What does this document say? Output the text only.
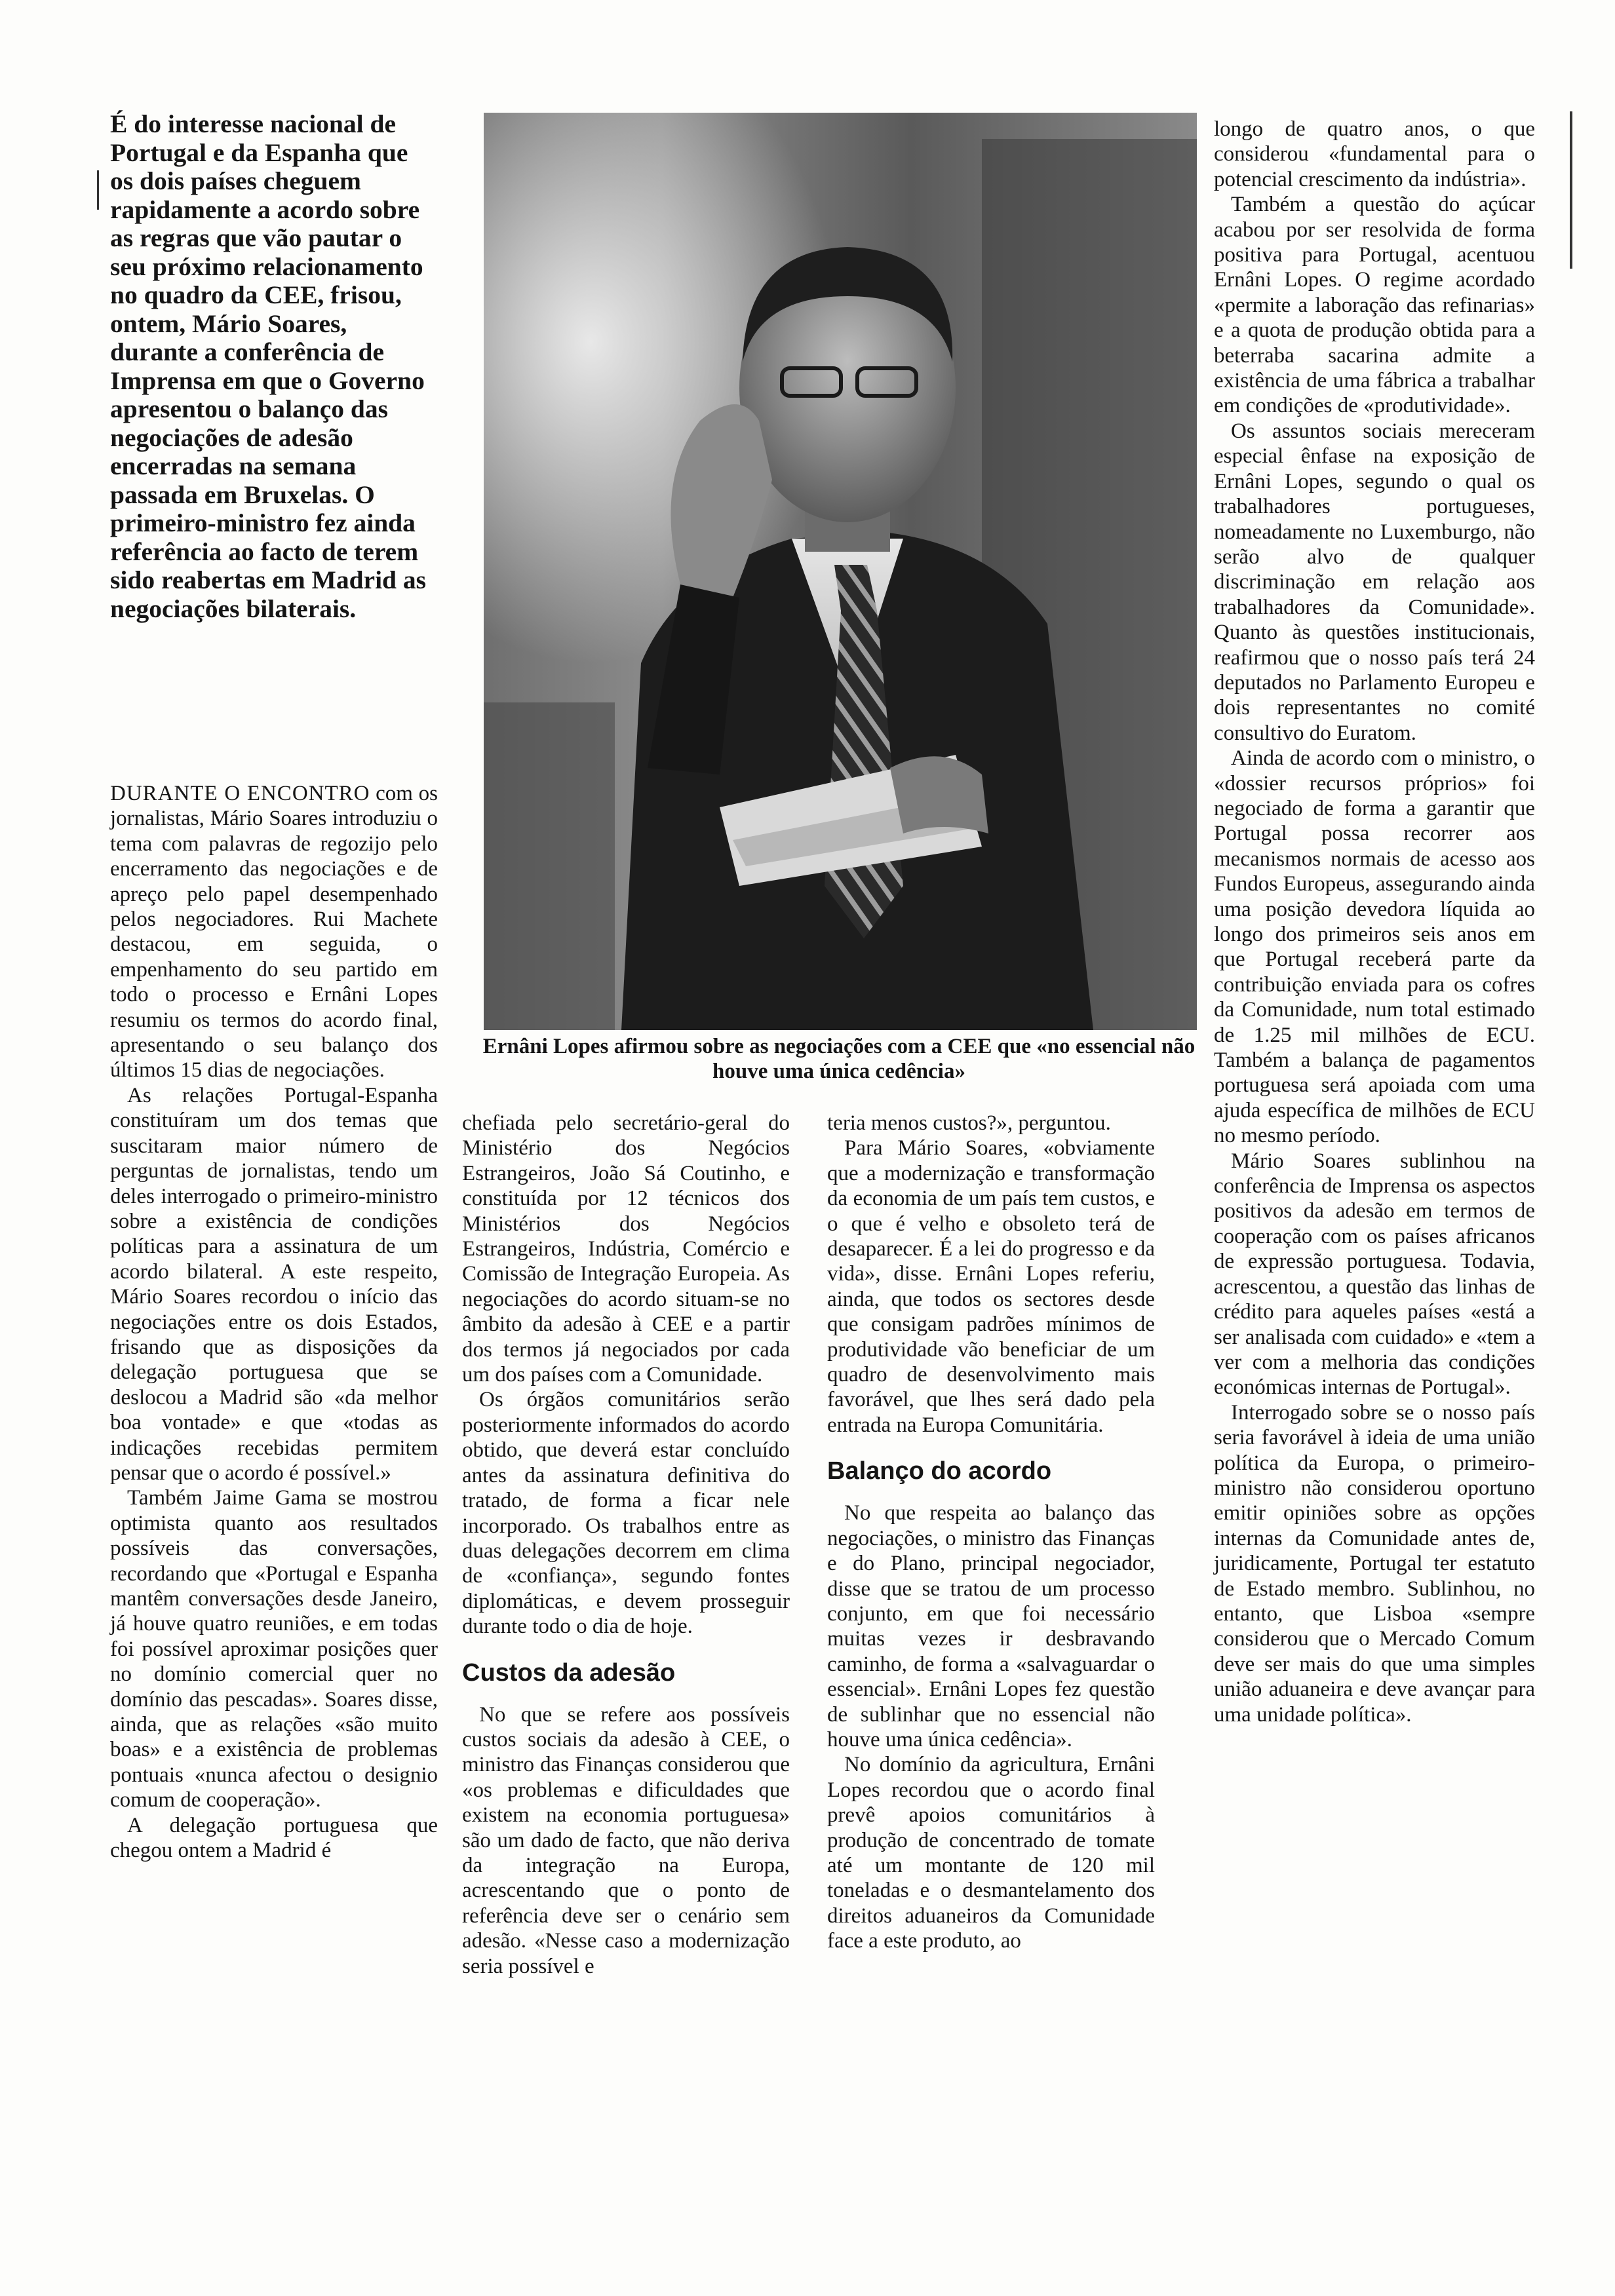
É do interesse nacional de Portugal e da Espanha que os dois países cheguem rapidamente a acordo sobre as regras que vão pautar o seu próximo relacionamento no quadro da CEE, frisou, ontem, Mário Soares, durante a conferência de Imprensa em que o Governo apresentou o balanço das negociações de adesão encerradas na semana passada em Bruxelas. O primeiro-ministro fez ainda referência ao facto de terem sido reabertas em Madrid as negociações bilaterais.

Ernâni Lopes afirmou sobre as negociações com a CEE que «no essencial não houve uma única cedência»

DURANTE O ENCONTRO com os jornalistas, Mário Soares introduziu o tema com palavras de regozijo pelo encerramento das negociações e de apreço pelo papel desempenhado pelos negociadores. Rui Machete destacou, em seguida, o empenhamento do seu partido em todo o processo e Ernâni Lopes resumiu os termos do acordo final, apresentando o seu balanço dos últimos 15 dias de negociações.

As relações Portugal-Espanha constituíram um dos temas que suscitaram maior número de perguntas de jornalistas, tendo um deles interrogado o primeiro-ministro sobre a existência de condições políticas para a assinatura de um acordo bilateral. A este respeito, Mário Soares recordou o início das negociações entre os dois Estados, frisando que as disposições da delegação portuguesa que se deslocou a Madrid são «da melhor boa vontade» e que «todas as indicações recebidas permitem pensar que o acordo é possível.»

Também Jaime Gama se mostrou optimista quanto aos resultados possíveis das conversações, recordando que «Portugal e Espanha mantêm conversações desde Janeiro, já houve quatro reuniões, e em todas foi possível aproximar posições quer no domínio comercial quer no domínio das pescadas». Soares disse, ainda, que as relações «são muito boas» e a existência de problemas pontuais «nunca afectou o designio comum de cooperação».

A delegação portuguesa que chegou ontem a Madrid é

chefiada pelo secretário-geral do Ministério dos Negócios Estrangeiros, João Sá Coutinho, e constituída por 12 técnicos dos Ministérios dos Negócios Estrangeiros, Indústria, Comércio e Comissão de Integração Europeia. As negociações do acordo situam-se no âmbito da adesão à CEE e a partir dos termos já negociados por cada um dos países com a Comunidade.

Os órgãos comunitários serão posteriormente informados do acordo obtido, que deverá estar concluído antes da assinatura definitiva do tratado, de forma a ficar nele incorporado. Os trabalhos entre as duas delegações decorrem em clima de «confiança», segundo fontes diplomáticas, e devem prosseguir durante todo o dia de hoje.

Custos da adesão

No que se refere aos possíveis custos sociais da adesão à CEE, o ministro das Finanças considerou que «os problemas e dificuldades que existem na economia portuguesa» são um dado de facto, que não deriva da integração na Europa, acrescentando que o ponto de referência deve ser o cenário sem adesão. «Nesse caso a modernização seria possível e

teria menos custos?», perguntou.

Para Mário Soares, «obviamente que a modernização e transformação da economia de um país tem custos, e o que é velho e obsoleto terá de desaparecer. É a lei do progresso e da vida», disse. Ernâni Lopes referiu, ainda, que todos os sectores desde que consigam padrões mínimos de produtividade vão beneficiar de um quadro de desenvolvimento mais favorável, que lhes será dado pela entrada na Europa Comunitária.

Balanço do acordo

No que respeita ao balanço das negociações, o ministro das Finanças e do Plano, principal negociador, disse que se tratou de um processo conjunto, em que foi necessário muitas vezes ir desbravando caminho, de forma a «salvaguardar o essencial». Ernâni Lopes fez questão de sublinhar que no essencial não houve uma única cedência».

No domínio da agricultura, Ernâni Lopes recordou que o acordo final prevê apoios comunitários à produção de concentrado de tomate até um montante de 120 mil toneladas e o desmantelamento dos direitos aduaneiros da Comunidade face a este produto, ao

longo de quatro anos, o que considerou «fundamental para o potencial crescimento da indústria».

Também a questão do açúcar acabou por ser resolvida de forma positiva para Portugal, acentuou Ernâni Lopes. O regime acordado «permite a laboração das refinarias» e a quota de produção obtida para a beterraba sacarina admite a existência de uma fábrica a trabalhar em condições de «produtividade».

Os assuntos sociais mereceram especial ênfase na exposição de Ernâni Lopes, segundo o qual os trabalhadores portugueses, nomeadamente no Luxemburgo, não serão alvo de qualquer discriminação em relação aos trabalhadores da Comunidade». Quanto às questões institucionais, reafirmou que o nosso país terá 24 deputados no Parlamento Europeu e dois representantes no comité consultivo do Euratom.

Ainda de acordo com o ministro, o «dossier recursos próprios» foi negociado de forma a garantir que Portugal possa recorrer aos mecanismos normais de acesso aos Fundos Europeus, assegurando ainda uma posição devedora líquida ao longo dos primeiros seis anos em que Portugal receberá parte da contribuição enviada para os cofres da Comunidade, num total estimado de 1.25 mil milhões de ECU. Também a balança de pagamentos portuguesa será apoiada com uma ajuda específica de milhões de ECU no mesmo período.

Mário Soares sublinhou na conferência de Imprensa os aspectos positivos da adesão em termos de cooperação com os países africanos de expressão portuguesa. Todavia, acrescentou, a questão das linhas de crédito para aqueles países «está a ser analisada com cuidado» e «tem a ver com a melhoria das condições económicas internas de Portugal».

Interrogado sobre se o nosso país seria favorável à ideia de uma união política da Europa, o primeiro-ministro não considerou oportuno emitir opiniões sobre as opções internas da Comunidade antes de, juridicamente, Portugal ter estatuto de Estado membro. Sublinhou, no entanto, que Lisboa «sempre considerou que o Mercado Comum deve ser mais do que uma simples união aduaneira e deve avançar para uma unidade política».
